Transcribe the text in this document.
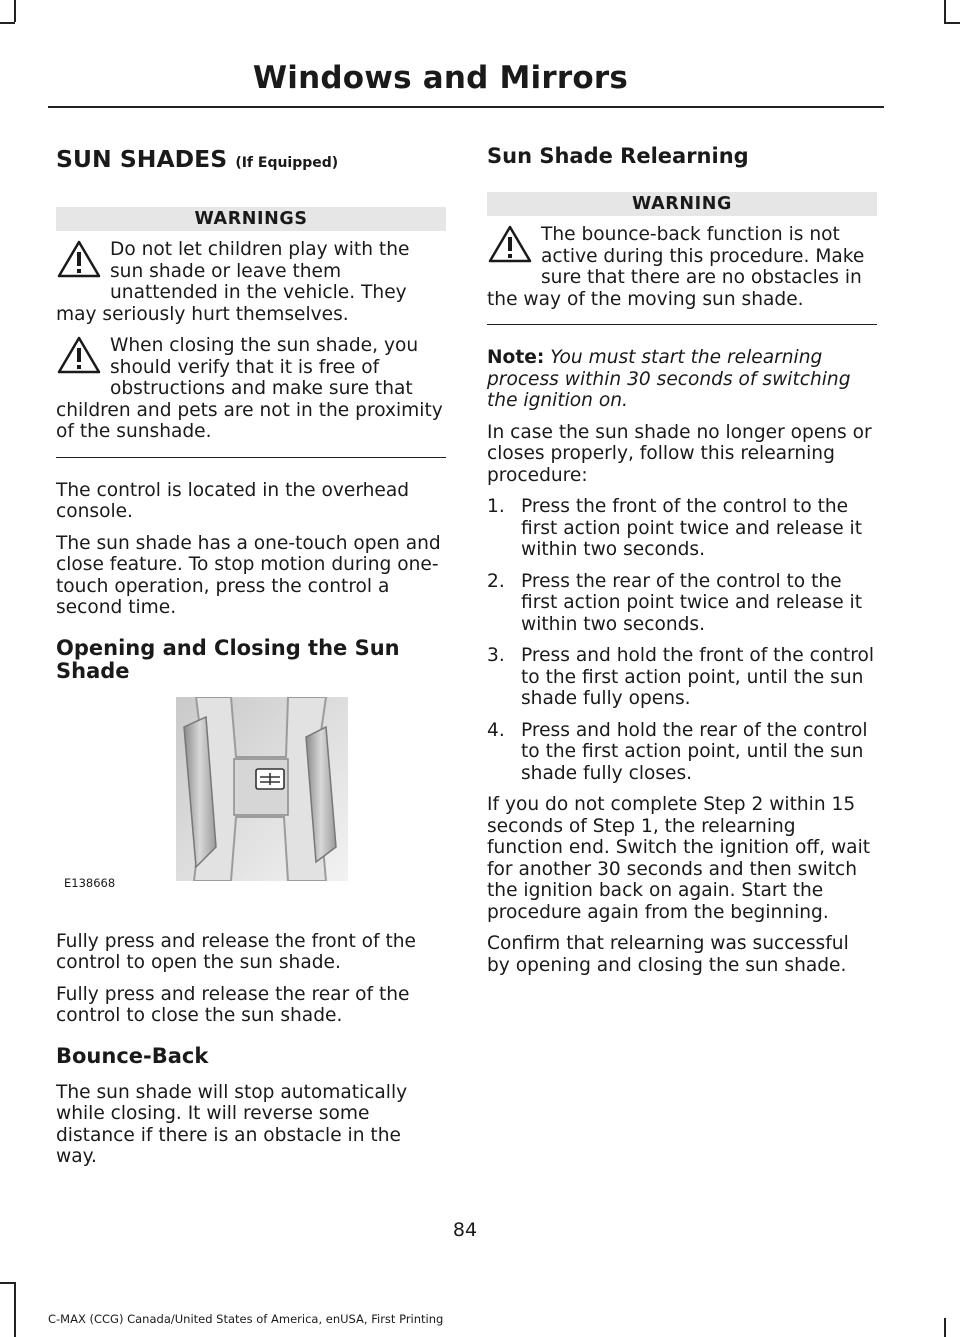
Windows and Mirrors
SUN SHADES (If Equipped)
WARNINGS
Do not let children play with the sun shade or leave them unattended in the vehicle. They may seriously hurt themselves.
When closing the sun shade, you should verify that it is free of obstructions and make sure that children and pets are not in the proximity of the sunshade.

The control is located in the overhead console.

The sun shade has a one-touch open and close feature. To stop motion during one-touch operation, press the control a second time.

Opening and Closing the Sun Shade
E138668

Fully press and release the front of the control to open the sun shade.

Fully press and release the rear of the control to close the sun shade.

Bounce-Back

The sun shade will stop automatically while closing. It will reverse some distance if there is an obstacle in the way.

Sun Shade Relearning
WARNING
The bounce-back function is not active during this procedure. Make sure that there are no obstacles in the way of the moving sun shade.

Note: You must start the relearning process within 30 seconds of switching the ignition on.

In case the sun shade no longer opens or closes properly, follow this relearning procedure:

1. Press the front of the control to the first action point twice and release it within two seconds.
2. Press the rear of the control to the first action point twice and release it within two seconds.
3. Press and hold the front of the control to the first action point, until the sun shade fully opens.
4. Press and hold the rear of the control to the first action point, until the sun shade fully closes.

If you do not complete Step 2 within 15 seconds of Step 1, the relearning function end. Switch the ignition off, wait for another 30 seconds and then switch the ignition back on again. Start the procedure again from the beginning.

Confirm that relearning was successful by opening and closing the sun shade.

84
C-MAX (CCG) Canada/United States of America, enUSA, First Printing
